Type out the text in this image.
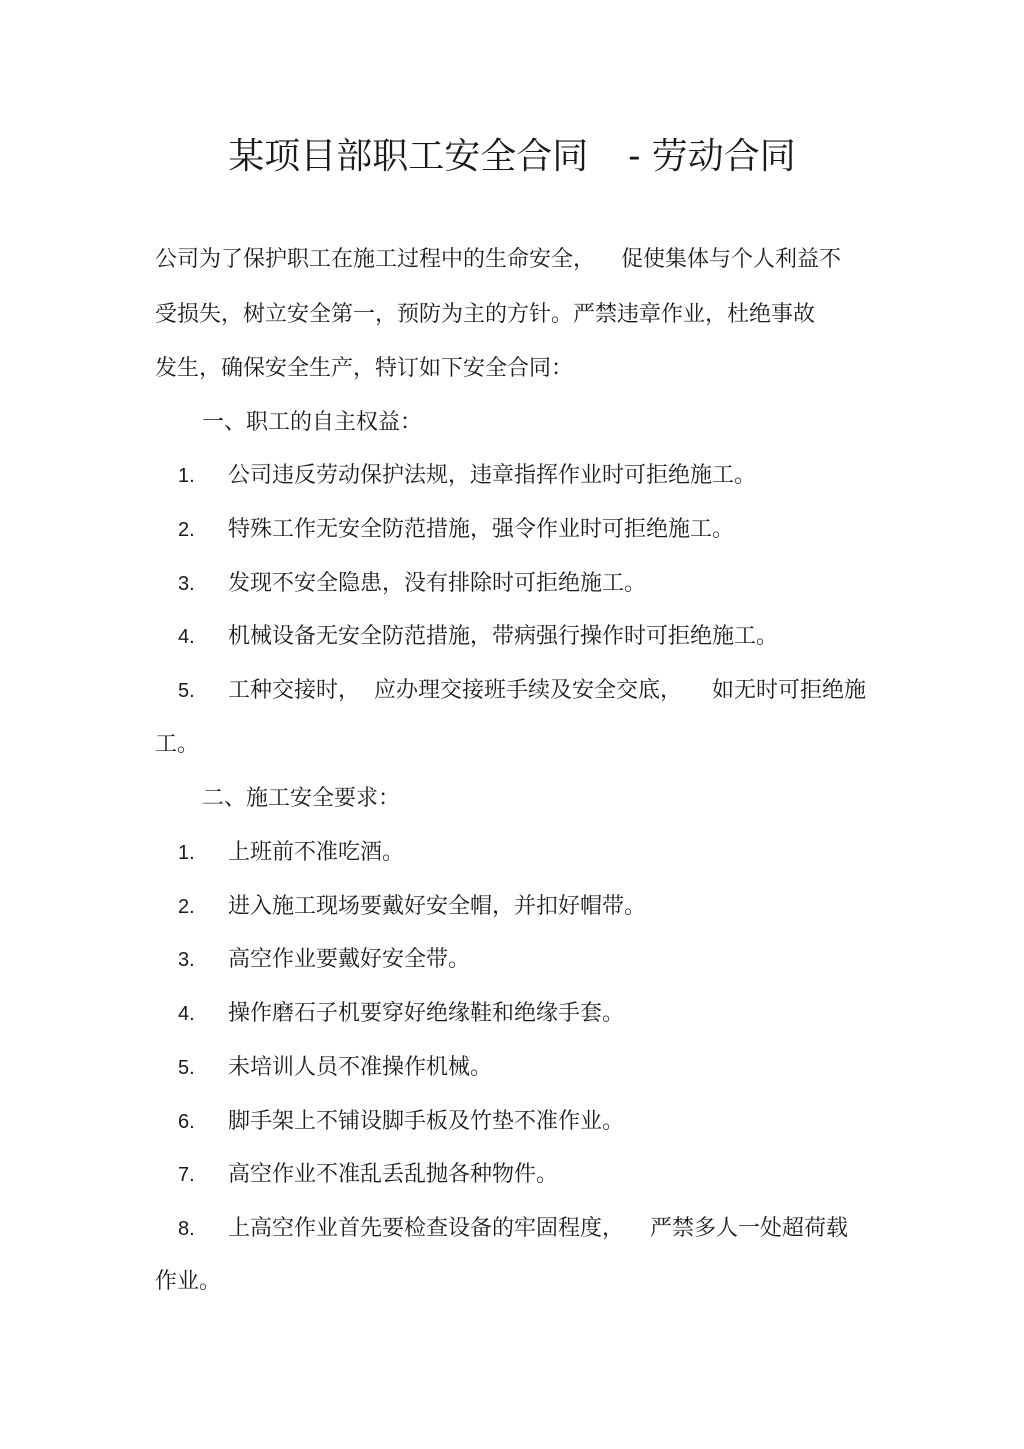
某项目部职工安全合同 - 劳动合同
公司为了保护职工在施工过程中的生命安全， 促使集体与个人利益不
受损失，树立安全第一，预防为主的方针。严禁违章作业，杜绝事故
发生，确保安全生产，特订如下安全合同：
一、职工的自主权益：
1. 公司违反劳动保护法规，违章指挥作业时可拒绝施工。
2. 特殊工作无安全防范措施，强令作业时可拒绝施工。
3. 发现不安全隐患，没有排除时可拒绝施工。
4. 机械设备无安全防范措施，带病强行操作时可拒绝施工。
5. 工种交接时， 应办理交接班手续及安全交底， 如无时可拒绝施
工。
二、施工安全要求：
1. 上班前不准吃酒。
2. 进入施工现场要戴好安全帽，并扣好帽带。
3. 高空作业要戴好安全带。
4. 操作磨石子机要穿好绝缘鞋和绝缘手套。
5. 未培训人员不准操作机械。
6. 脚手架上不铺设脚手板及竹垫不准作业。
7. 高空作业不准乱丢乱抛各种物件。
8. 上高空作业首先要检查设备的牢固程度， 严禁多人一处超荷载
作业。
